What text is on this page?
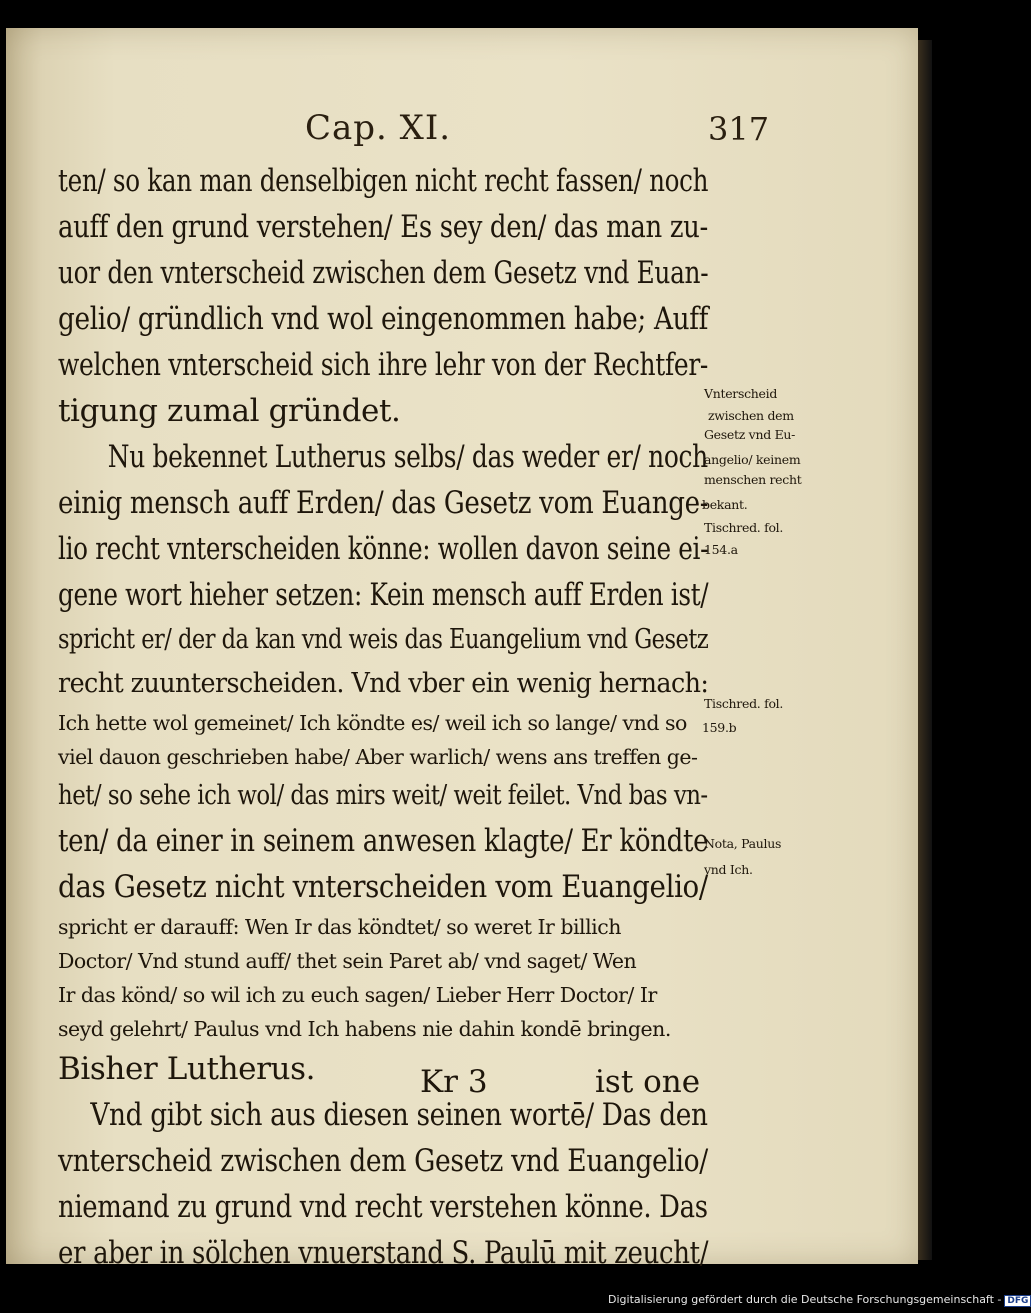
Cap. XI.	317
ten/ so kan man denselbigen nicht recht fassen/ noch
auff den grund verstehen/ Es sey den/ das man zu-
uor den vnterscheid zwischen dem Gesetz vnd Euan-
gelio/ gründlich vnd wol eingenommen habe; Auff
welchen vnterscheid sich ihre lehr von der Rechtfer-
tigung zumal gründet.
Nu bekennet Lutherus selbs/ das weder er/ noch
einig mensch auff Erden/ das Gesetz vom Euange-
lio recht vnterscheiden könne: wollen davon seine ei-
gene wort hieher setzen: Kein mensch auff Erden ist/
spricht er/ der da kan vnd weis das Euangelium vnd Gesetz
recht zuunterscheiden. Vnd vber ein wenig hernach:
Ich hette wol gemeinet/ Ich köndte es/ weil ich so lange/ vnd so
viel dauon geschrieben habe/ Aber warlich/ wens ans treffen ge-
het/ so sehe ich wol/ das mirs weit/ weit feilet. Vnd bas vn-
ten/ da einer in seinem anwesen klagte/ Er köndte
das Gesetz nicht vnterscheiden vom Euangelio/
spricht er darauff: Wen Ir das köndtet/ so weret Ir billich
Doctor/ Vnd stund auff/ thet sein Paret ab/ vnd saget/ Wen
Ir das könd/ so wil ich zu euch sagen/ Lieber Herr Doctor/ Ir
seyd gelehrt/ Paulus vnd Ich habens nie dahin kondē bringen.
Bisher Lutherus.
Vnd gibt sich aus diesen seinen wortē/ Das den
vnterscheid zwischen dem Gesetz vnd Euangelio/
niemand zu grund vnd recht verstehen könne. Das
er aber in sölchen vnuerstand S. Paulū mit zeucht/
Kr 3	ist one
Vnterscheid
zwischen dem
Gesetz vnd Eu-
angelio/ keinem
menschen recht
bekant.
Tischred. fol.
154.a
Tischred. fol.
159.b
Nota, Paulus
vnd Ich.
Digitalisierung gefördert durch die Deutsche Forschungsgemeinschaft - DFG
